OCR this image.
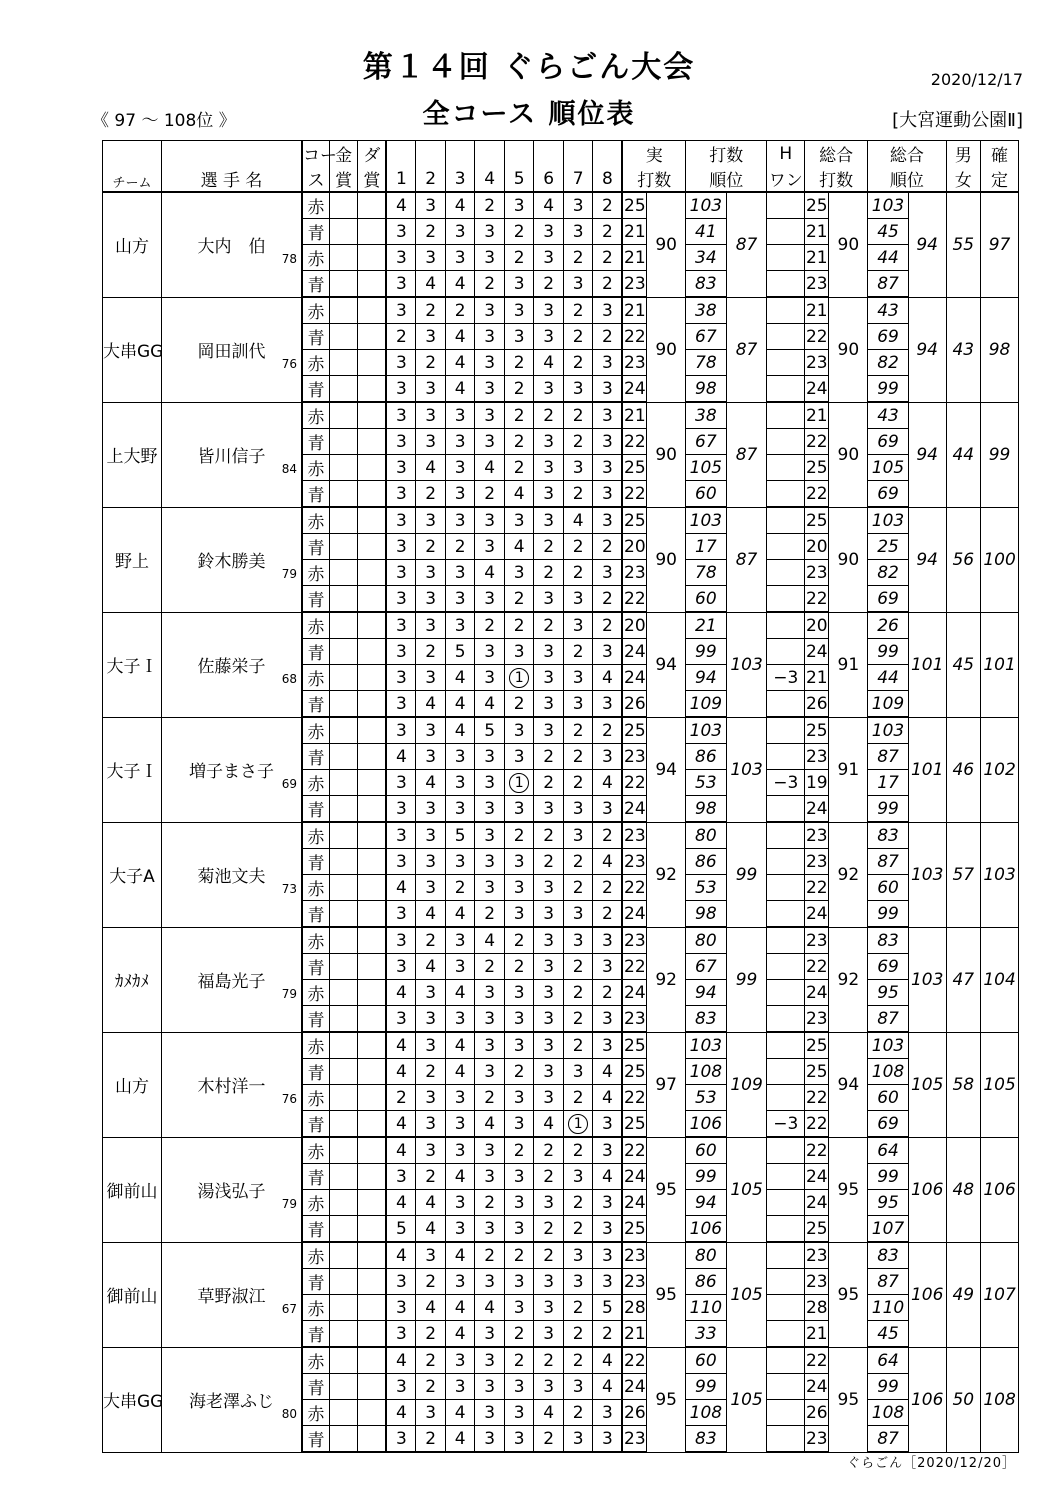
第１４回 ぐらごん大会	2020/12/17
全コース 順位表
《 97 ～ 108位 》	[大宮運動公園Ⅱ]
		コー	金	ダ									実		打数		H	総合		総合		男	確
チーム	選 手 名	ス	賞	賞	1	2	3	4	5	6	7	8	打数		順位		ワン	打数		順位		女	定
山方	大内　伯
78	赤			4	3	4	2	3	4	3	2	25	90	103	87		25	90	103	94	55	97
		青			3	2	3	3	2	3	3	2	21		41			21		45			
		赤			3	3	3	3	2	3	2	2	21		34			21		44			
		青			3	4	4	2	3	2	3	2	23		83			23		87			
大串GG	岡田訓代
76	赤			3	2	2	3	3	3	2	3	21	90	38	87		21	90	43	94	43	98
		青			2	3	4	3	3	3	2	2	22		67			22		69			
		赤			3	2	4	3	2	4	2	3	23		78			23		82			
		青			3	3	4	3	2	3	3	3	24		98			24		99			
上大野	皆川信子
84	赤			3	3	3	3	2	2	2	3	21	90	38	87		21	90	43	94	44	99
		青			3	3	3	3	2	3	2	3	22		67			22		69			
		赤			3	4	3	4	2	3	3	3	25		105			25		105			
		青			3	2	3	2	4	3	2	3	22		60			22		69			
野上	鈴木勝美
79	赤			3	3	3	3	3	3	4	3	25	90	103	87		25	90	103	94	56	100
		青			3	2	2	3	4	2	2	2	20		17			20		25			
		赤			3	3	3	4	3	2	2	3	23		78			23		82			
		青			3	3	3	3	2	3	3	2	22		60			22		69			
大子Ｉ	佐藤栄子
68	赤			3	3	3	2	2	2	3	2	20	94	21	103		20	91	26	101	45	101
		青			3	2	5	3	3	3	2	3	24		99			24		99			
		赤			3	3	4	3	1	3	3	4	24		94		−3	21		44			
		青			3	4	4	4	2	3	3	3	26		109			26		109			
大子Ｉ	増子まさ子
69	赤			3	3	4	5	3	3	2	2	25	94	103	103		25	91	103	101	46	102
		青			4	3	3	3	3	2	2	3	23		86			23		87			
		赤			3	4	3	3	1	2	2	4	22		53		−3	19		17			
		青			3	3	3	3	3	3	3	3	24		98			24		99			
大子A	菊池文夫
73	赤			3	3	5	3	2	2	3	2	23	92	80	99		23	92	83	103	57	103
		青			3	3	3	3	3	2	2	4	23		86			23		87			
		赤			4	3	2	3	3	3	2	2	22		53			22		60			
		青			3	4	4	2	3	3	3	2	24		98			24		99			
ｶﾒｶﾒ	福島光子
79	赤			3	2	3	4	2	3	3	3	23	92	80	99		23	92	83	103	47	104
		青			3	4	3	2	2	3	2	3	22		67			22		69			
		赤			4	3	4	3	3	3	2	2	24		94			24		95			
		青			3	3	3	3	3	3	2	3	23		83			23		87			
山方	木村洋一
76	赤			4	3	4	3	3	3	2	3	25	97	103	109		25	94	103	105	58	105
		青			4	2	4	3	2	3	3	4	25		108			25		108			
		赤			2	3	3	2	3	3	2	4	22		53			22		60			
		青			4	3	3	4	3	4	1	3	25		106		−3	22		69			
御前山	湯浅弘子
79	赤			4	3	3	3	2	2	2	3	22	95	60	105		22	95	64	106	48	106
		青			3	2	4	3	3	2	3	4	24		99			24		99			
		赤			4	4	3	2	3	3	2	3	24		94			24		95			
		青			5	4	3	3	3	2	2	3	25		106			25		107			
御前山	草野淑江
67	赤			4	3	4	2	2	2	3	3	23	95	80	105		23	95	83	106	49	107
		青			3	2	3	3	3	3	3	3	23		86			23		87			
		赤			3	4	4	4	3	3	2	5	28		110			28		110			
		青			3	2	4	3	2	3	2	2	21		33			21		45			
大串GG	海老澤ふじ
80	赤			4	2	3	3	2	2	2	4	22	95	60	105		22	95	64	106	50	108
		青			3	2	3	3	3	3	3	4	24		99			24		99			
		赤			4	3	4	3	3	4	2	3	26		108			26		108			
		青			3	2	4	3	3	2	3	3	23		83			23		87			
ぐらごん［2020/12/20］
